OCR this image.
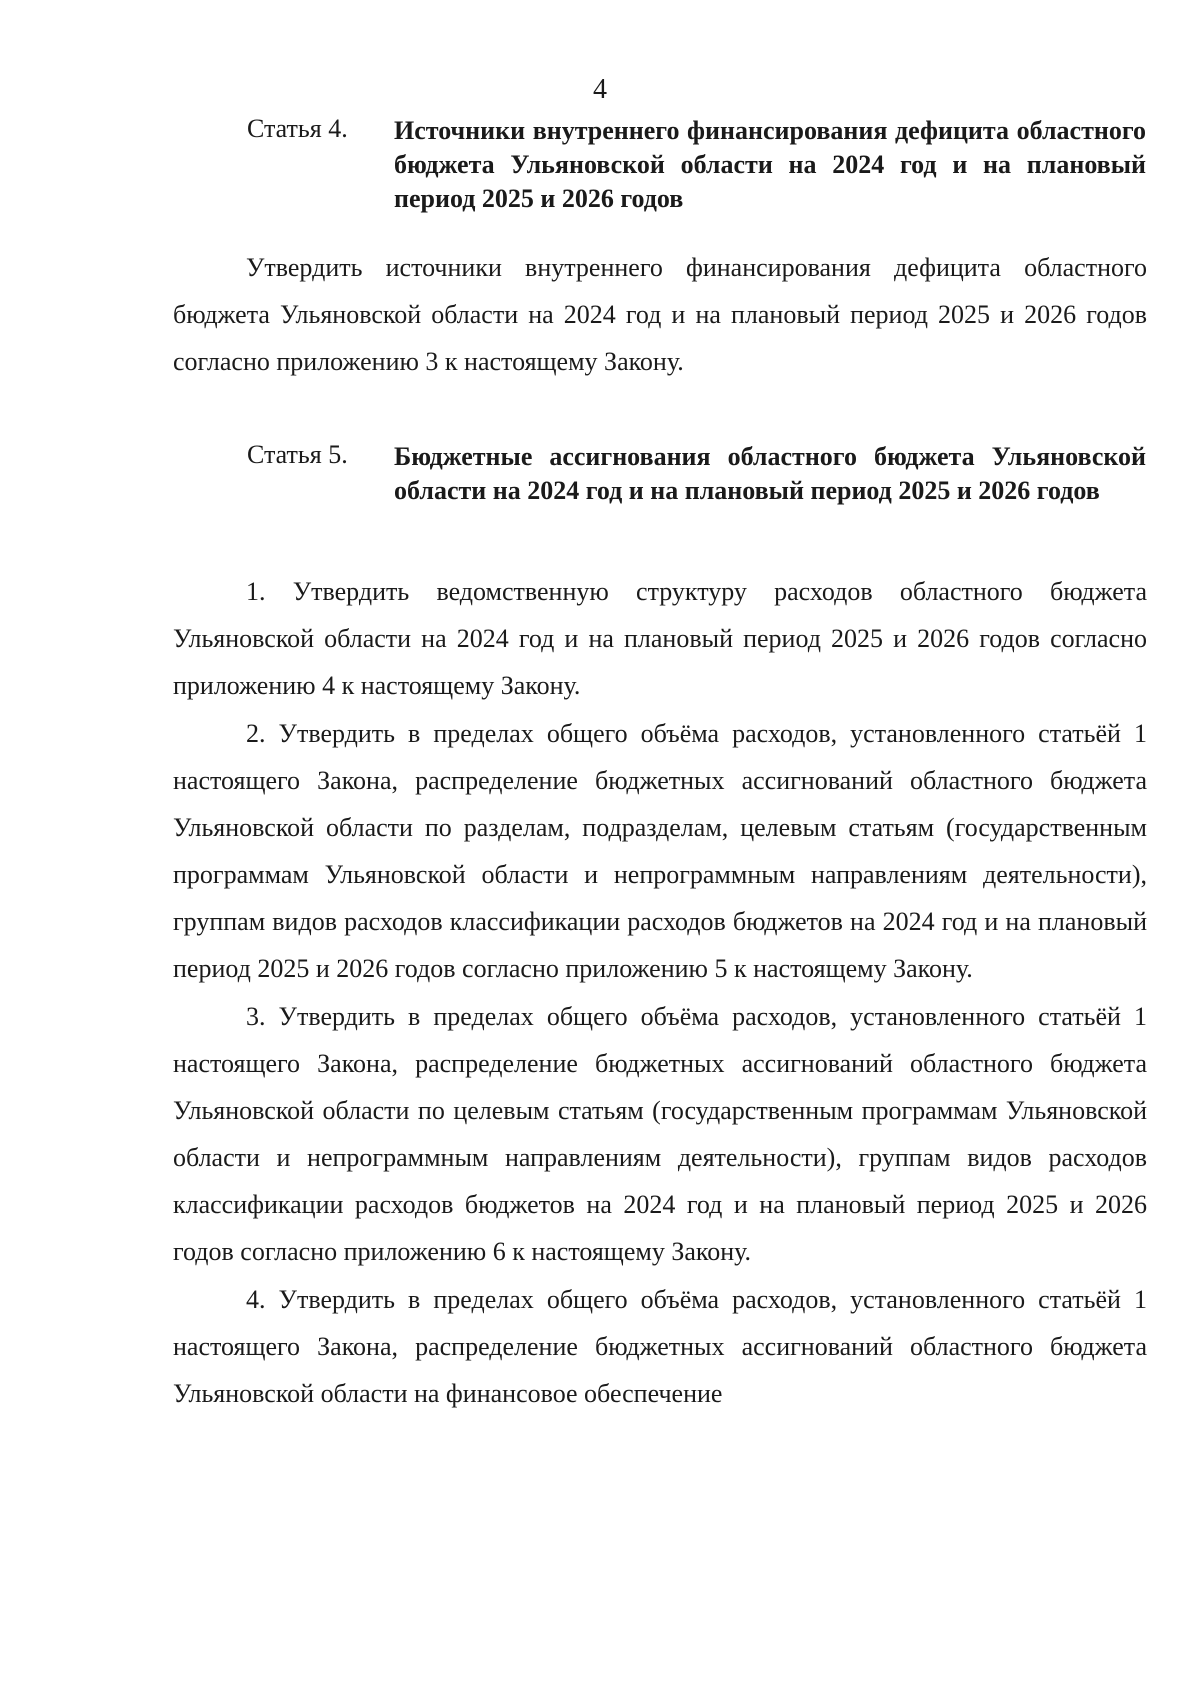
4
Статья 4. Источники внутреннего финансирования дефицита областного бюджета Ульяновской области на 2024 год и на плановый период 2025 и 2026 годов

Утвердить источники внутреннего финансирования дефицита областного бюджета Ульяновской области на 2024 год и на плановый период 2025 и 2026 годов согласно приложению 3 к настоящему Закону.

Статья 5. Бюджетные ассигнования областного бюджета Ульяновской области на 2024 год и на плановый период 2025 и 2026 годов

1. Утвердить ведомственную структуру расходов областного бюджета Ульяновской области на 2024 год и на плановый период 2025 и 2026 годов согласно приложению 4 к настоящему Закону.

2. Утвердить в пределах общего объёма расходов, установленного статьёй 1 настоящего Закона, распределение бюджетных ассигнований областного бюджета Ульяновской области по разделам, подразделам, целевым статьям (государственным программам Ульяновской области и непрограммным направлениям деятельности), группам видов расходов классификации расходов бюджетов на 2024 год и на плановый период 2025 и 2026 годов согласно приложению 5 к настоящему Закону.

3. Утвердить в пределах общего объёма расходов, установленного статьёй 1 настоящего Закона, распределение бюджетных ассигнований областного бюджета Ульяновской области по целевым статьям (государственным программам Ульяновской области и непрограммным направлениям деятельности), группам видов расходов классификации расходов бюджетов на 2024 год и на плановый период 2025 и 2026 годов согласно приложению 6 к настоящему Закону.

4. Утвердить в пределах общего объёма расходов, установленного статьёй 1 настоящего Закона, распределение бюджетных ассигнований областного бюджета Ульяновской области на финансовое обеспечение
